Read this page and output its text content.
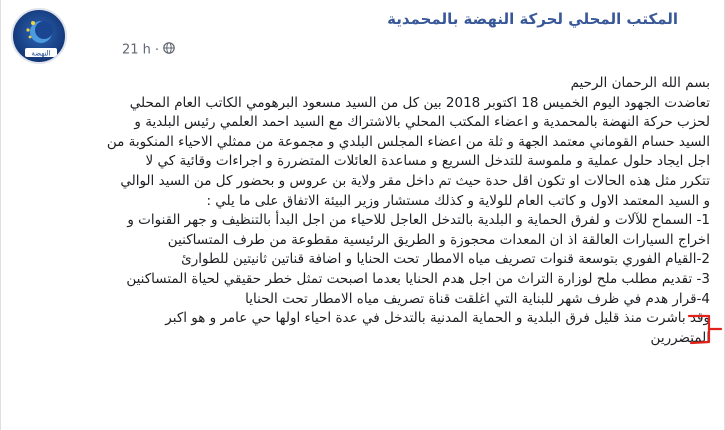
المكتب المحلي لحركة النهضة بالمحمدية
21 h ·
النهضة
بسم الله الرحمان الرحيم
تعاضدت الجهود اليوم الخميس 18 اكتوبر 2018 بين كل من السيد مسعود البرهومي الكاتب العام المحلي
لحزب حركة النهضة بالمحمدية و اعضاء المكتب المحلي بالاشتراك مع السيد احمد العلمي رئيس البلدية و
السيد حسام القوماني معتمد الجهة و ثلة من اعضاء المجلس البلدي و مجموعة من ممثلي الاحياء المنكوبة من
اجل ايجاد حلول عملية و ملموسة للتدخل السريع و مساعدة العائلات المتضررة و اجراءات وقائية كي لا
تتكرر مثل هذه الحالات او تكون اقل حدة حيث تم داخل مقر ولاية بن عروس و بحضور كل من السيد الوالي
و السيد المعتمد الاول و كاتب العام للولاية و كذلك مستشار وزير البيئة الاتفاق على ما يلي :
1- السماح للآلات و لفرق الحماية و البلدية بالتدخل العاجل للاحياء من اجل البدأ بالتنظيف و جهر القنوات و
اخراج السيارات العالقة اذ ان المعدات محجوزة و الطريق الرئيسية مقطوعة من طرف المتساكنين
2-القيام الفوري بتوسعة قنوات تصريف مياه الامطار تحت الحنايا و اضافة قناتين ثانيتين للطوارئ
3- تقديم مطلب ملح لوزارة التراث من اجل هدم الحنايا بعدما اصبحت تمثل خطر حقيقي لحياة المتساكنين
4-قرار هدم في ظرف شهر للبناية التي اغلقت قناة تصريف مياه الامطار تحت الحنايا
وقد باشرت منذ قليل فرق البلدية و الحماية المدنية بالتدخل في عدة احياء اولها حي عامر و هو اكبر
المتضررين
